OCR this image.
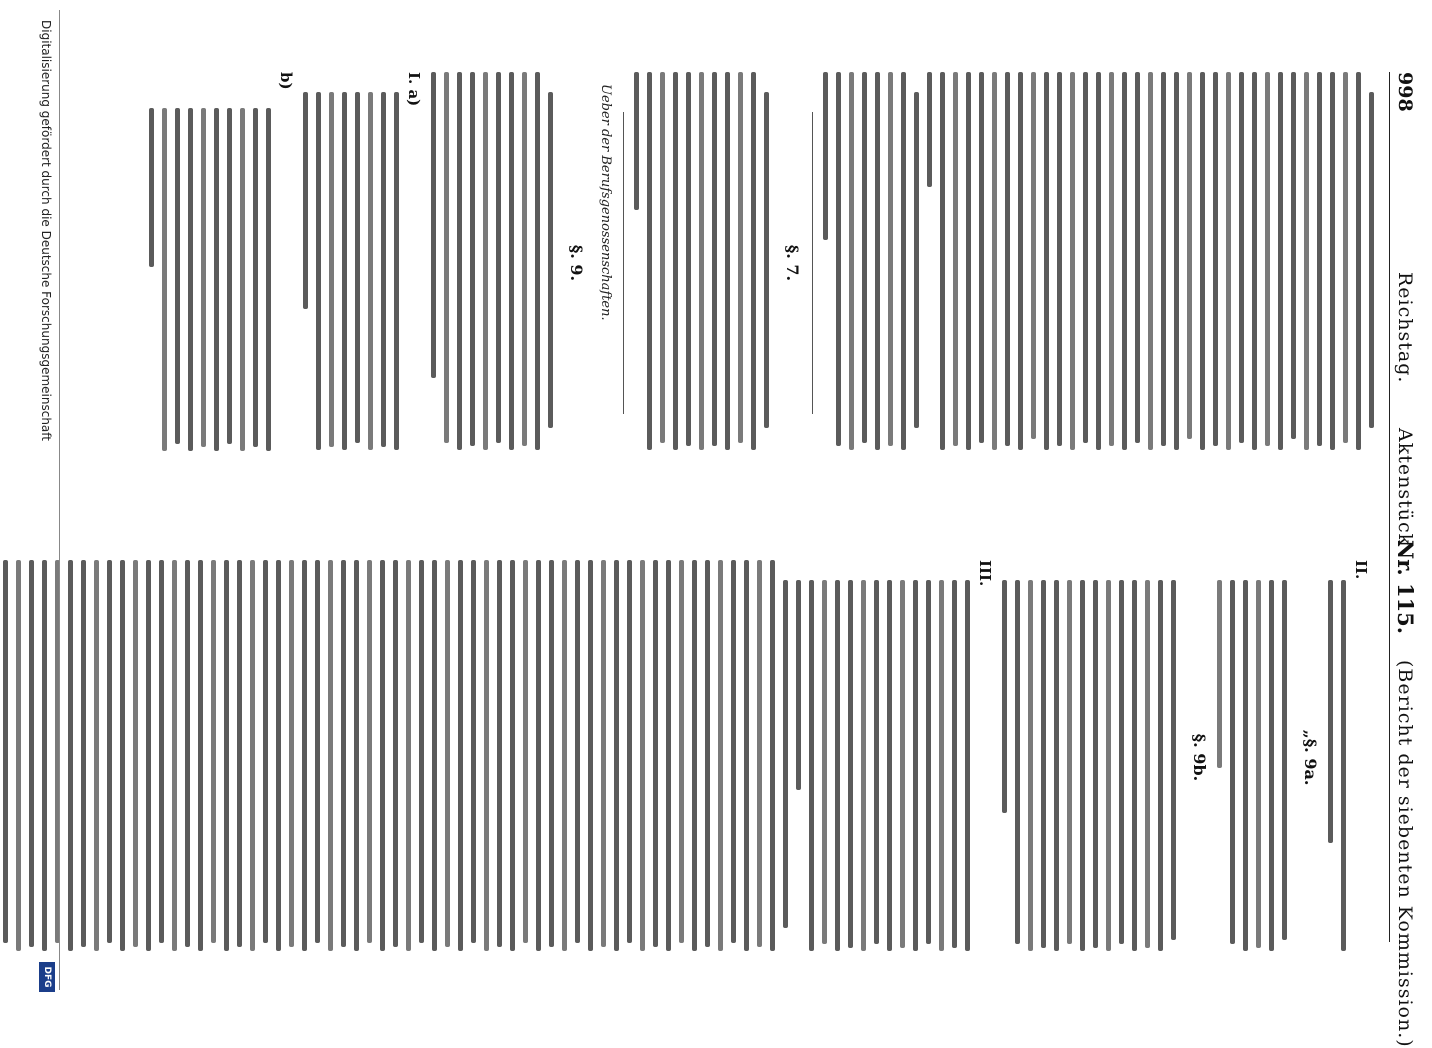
998
Reichstag.
Aktenstück
Nr. 115.
(Bericht der siebenten Kommission.)
§. 7.
Ueber der Berufsgenossenschaften.
§. 9.
I. a)
b)
II.
„§. 9a.
§. 9b.
III.
Digitalisierung gefördert durch die Deutsche Forschungsgemeinschaft
DFG
